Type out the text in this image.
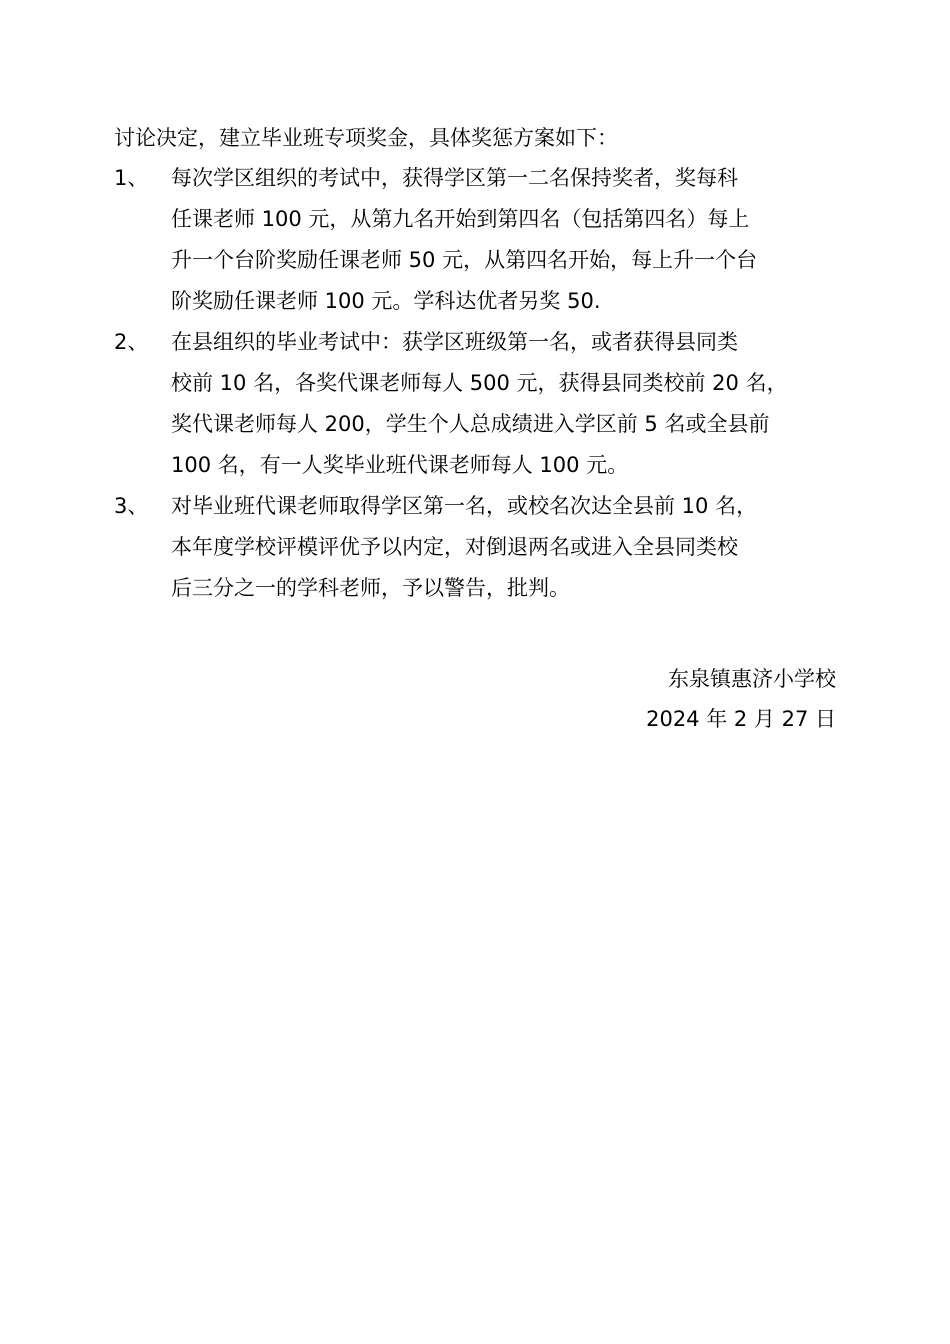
讨论决定，建立毕业班专项奖金，具体奖惩方案如下：
1、	每次学区组织的考试中，获得学区第一二名保持奖者，奖每科
任课老师 100 元，从第九名开始到第四名（包括第四名）每上
升一个台阶奖励任课老师 50 元，从第四名开始，每上升一个台
阶奖励任课老师 100 元。学科达优者另奖 50.
2、	在县组织的毕业考试中：获学区班级第一名，或者获得县同类
校前 10 名，各奖代课老师每人 500 元，获得县同类校前 20 名，
奖代课老师每人 200，学生个人总成绩进入学区前 5 名或全县前
100 名，有一人奖毕业班代课老师每人 100 元。
3、	对毕业班代课老师取得学区第一名，或校名次达全县前 10 名，
本年度学校评模评优予以内定，对倒退两名或进入全县同类校
后三分之一的学科老师，予以警告，批判。
东泉镇惠济小学校
2024 年 2 月 27 日
